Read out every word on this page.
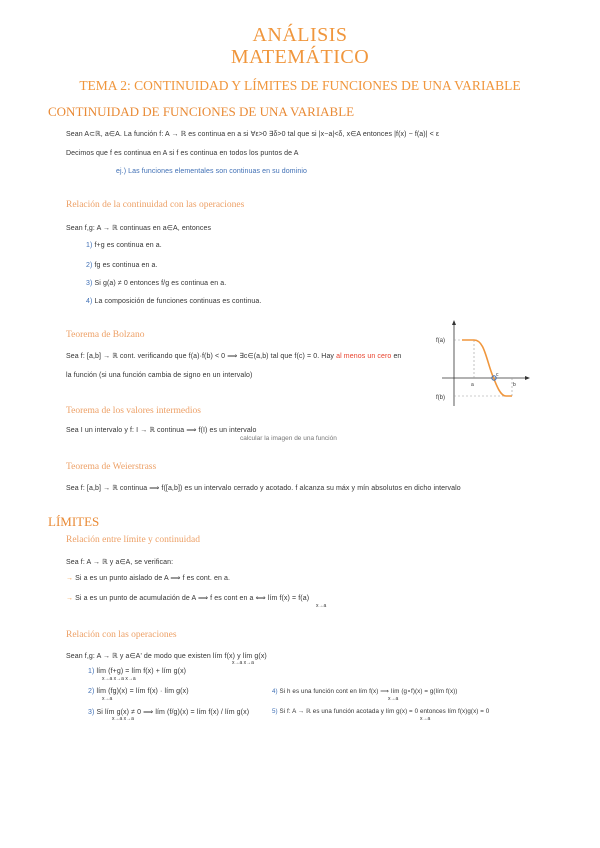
ANÁLISIS
MATEMÁTICO
TEMA 2: CONTINUIDAD Y LÍMITES DE FUNCIONES DE UNA VARIABLE
CONTINUIDAD DE FUNCIONES DE UNA VARIABLE
Sean A⊂ℝ, a∈A. La función f: A → ℝ es continua en a si ∀ε>0 ∃δ>0 tal que si |x−a|<δ, x∈A entonces |f(x) − f(a)| < ε
Decimos que f es continua en A si f es continua en todos los puntos de A
ej.) Las funciones elementales son continuas en su dominio
Relación de la continuidad con las operaciones
Sean f,g: A → ℝ continuas en a∈A, entonces
1) f+g es continua en a.
2) fg es continua en a.
3) Si g(a) ≠ 0 entonces f/g es continua en a.
4) La composición de funciones continuas es continua.
Teorema de Bolzano
Sea f: [a,b] → ℝ cont. verificando que f(a)·f(b) < 0 ⟹ ∃c∈(a,b) tal que f(c) = 0. Hay al menos un cero en
la función (si una función cambia de signo en un intervalo)
f(a)
f(b)
a
c
b
Teorema de los valores intermedios
Sea I un intervalo y f: I → ℝ continua ⟹ f(I) es un intervalo
calcular la imagen de una función
Teorema de Weierstrass
Sea f: [a,b] → ℝ continua ⟹ f([a,b]) es un intervalo cerrado y acotado. f alcanza su máx y mín absolutos en dicho intervalo
LÍMITES
Relación entre límite y continuidad
Sea f: A → ℝ y a∈A, se verifican:
→ Si a es un punto aislado de A ⟹ f es cont. en a.
→ Si a es un punto de acumulación de A ⟹ f es cont en a ⟺ lím f(x) = f(a)
x→a
Relación con las operaciones
Sean f,g: A → ℝ y a∈A' de modo que existen lím f(x) y lím g(x)
x→a x→a
1) lím (f+g) = lím f(x) + lím g(x)
x→a x→a x→a
2) lím (fg)(x) = lím f(x) · lím g(x)
x→a
3) Si lím g(x) ≠ 0 ⟹ lím (f/g)(x) = lím f(x) / lím g(x)
x→a x→a
4) Si h es una función cont en lím f(x) ⟹ lím (g∘f)(x) = g(lím f(x))
x→a
5) Si f: A → ℝ es una función acotada y lím g(x) = 0 entonces lím f(x)g(x) = 0
x→a
